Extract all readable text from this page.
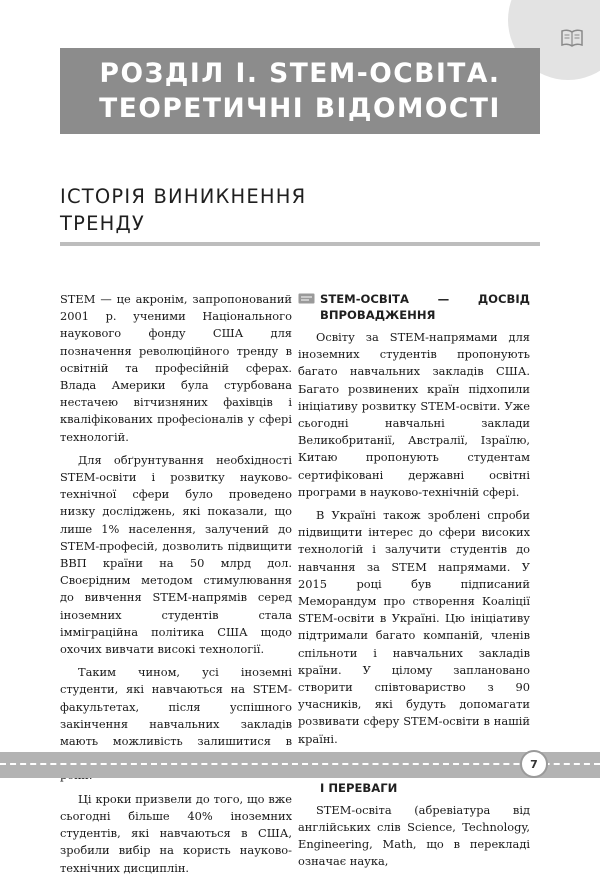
РОЗДІЛ І. STEM-ОСВІТА.
ТЕОРЕТИЧНІ ВІДОМОСТІ
ІСТОРІЯ ВИНИКНЕННЯ
ТРЕНДУ

STEM — це акронім, запропонований 2001 р. ученими Національного наукового фонду США для позначення революційного тренду в освітній та професійній сферах. Влада Америки була стурбована нестачею вітчизняних фахівців і кваліфікованих професіоналів у сфері технологій.

Для обґрунтування необхідності STEM-освіти і розвитку науково-технічної сфери було проведено низку досліджень, які показали, що лише 1% населення, залучений до STEM-професій, дозволить підвищити ВВП країни на 50 млрд дол. Своєрідним методом стимулювання до вивчення STEM-напрямів серед іноземних студентів стала імміграційна політика США щодо охочих вивчати високі технології.

Таким чином, усі іноземні студенти, які навчаються на STEM-факультетах, після успішного закінчення навчальних закладів мають можливість залишитися в

Ці кроки призвели до того, що вже сьогодні більше 40% іноземних студентів, які навчаються в США, зробили вибір на користь науково-технічних дисциплін.

STEM-ОСВІТА — ДОСВІД ВПРОВАДЖЕННЯ

Освіту за STEM-напрямами для іноземних студентів пропонують багато навчальних закладів США. Багато розвинених країн підхопили ініціативу розвитку STEM-освіти. Уже сьогодні навчальні заклади Великобританії, Австралії, Ізраїлю, Китаю пропонують студентам сертифіковані державні освітні програми в науково-технічній сфері.

В Україні також зроблені спроби підвищити інтерес до сфери високих технологій і залучити студентів до навчання за STEM напрямами. У 2015 році був підписаний Меморандум про створення Коаліції STEM-освіти в Україні. Цю ініціативу підтримали багато компаній, членів спільноти і навчальних закладів країни. У цілому заплановано створити співтовариство з 90 учасників, які будуть допомагати розвивати сферу STEM-освіти в нашій країні.

І ПЕРЕВАГИ

STEM-освіта (абревіатура від англійських слів Science, Technology, Engineering, Math, що в перекладі означає наука,

7
